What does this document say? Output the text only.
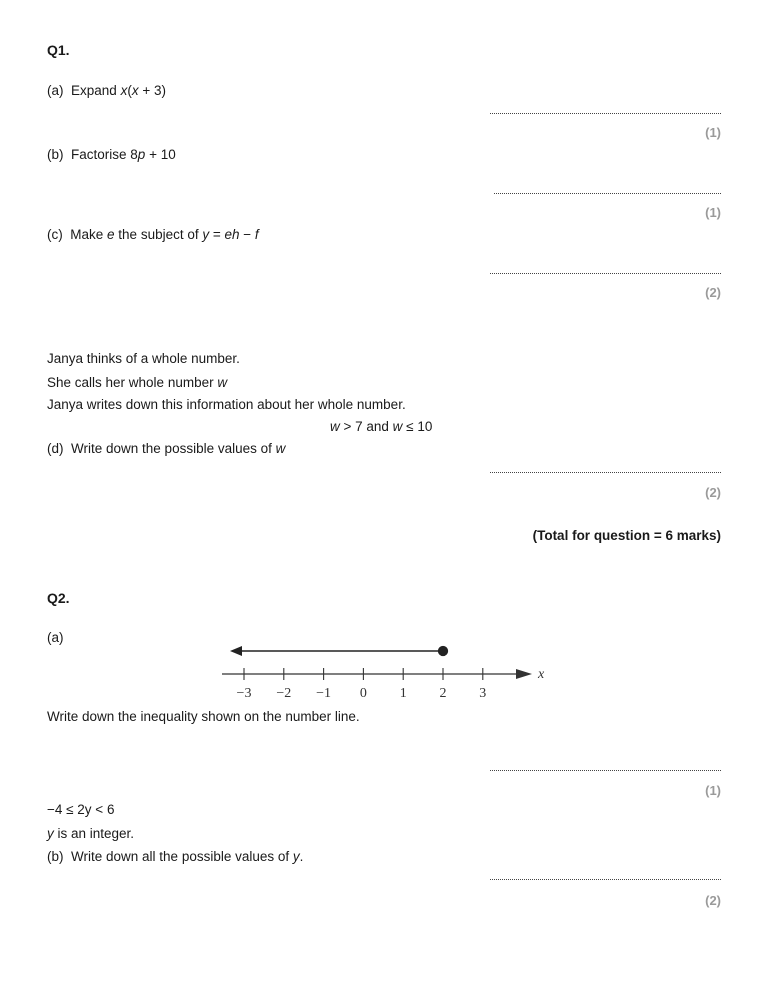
Q1.
(a) Expand x(x + 3)
(1)
(b) Factorise 8p + 10
(1)
(c) Make e the subject of y = eh − f
(2)
Janya thinks of a whole number.
She calls her whole number w
Janya writes down this information about her whole number.
w > 7 and w ≤ 10
(d) Write down the possible values of w
(2)
(Total for question = 6 marks)
Q2.
(a)
−3 −2 −1 0 1 2 3
x
Write down the inequality shown on the number line.
(1)
−4 ≤ 2y < 6
y is an integer.
(b) Write down all the possible values of y.
(2)
